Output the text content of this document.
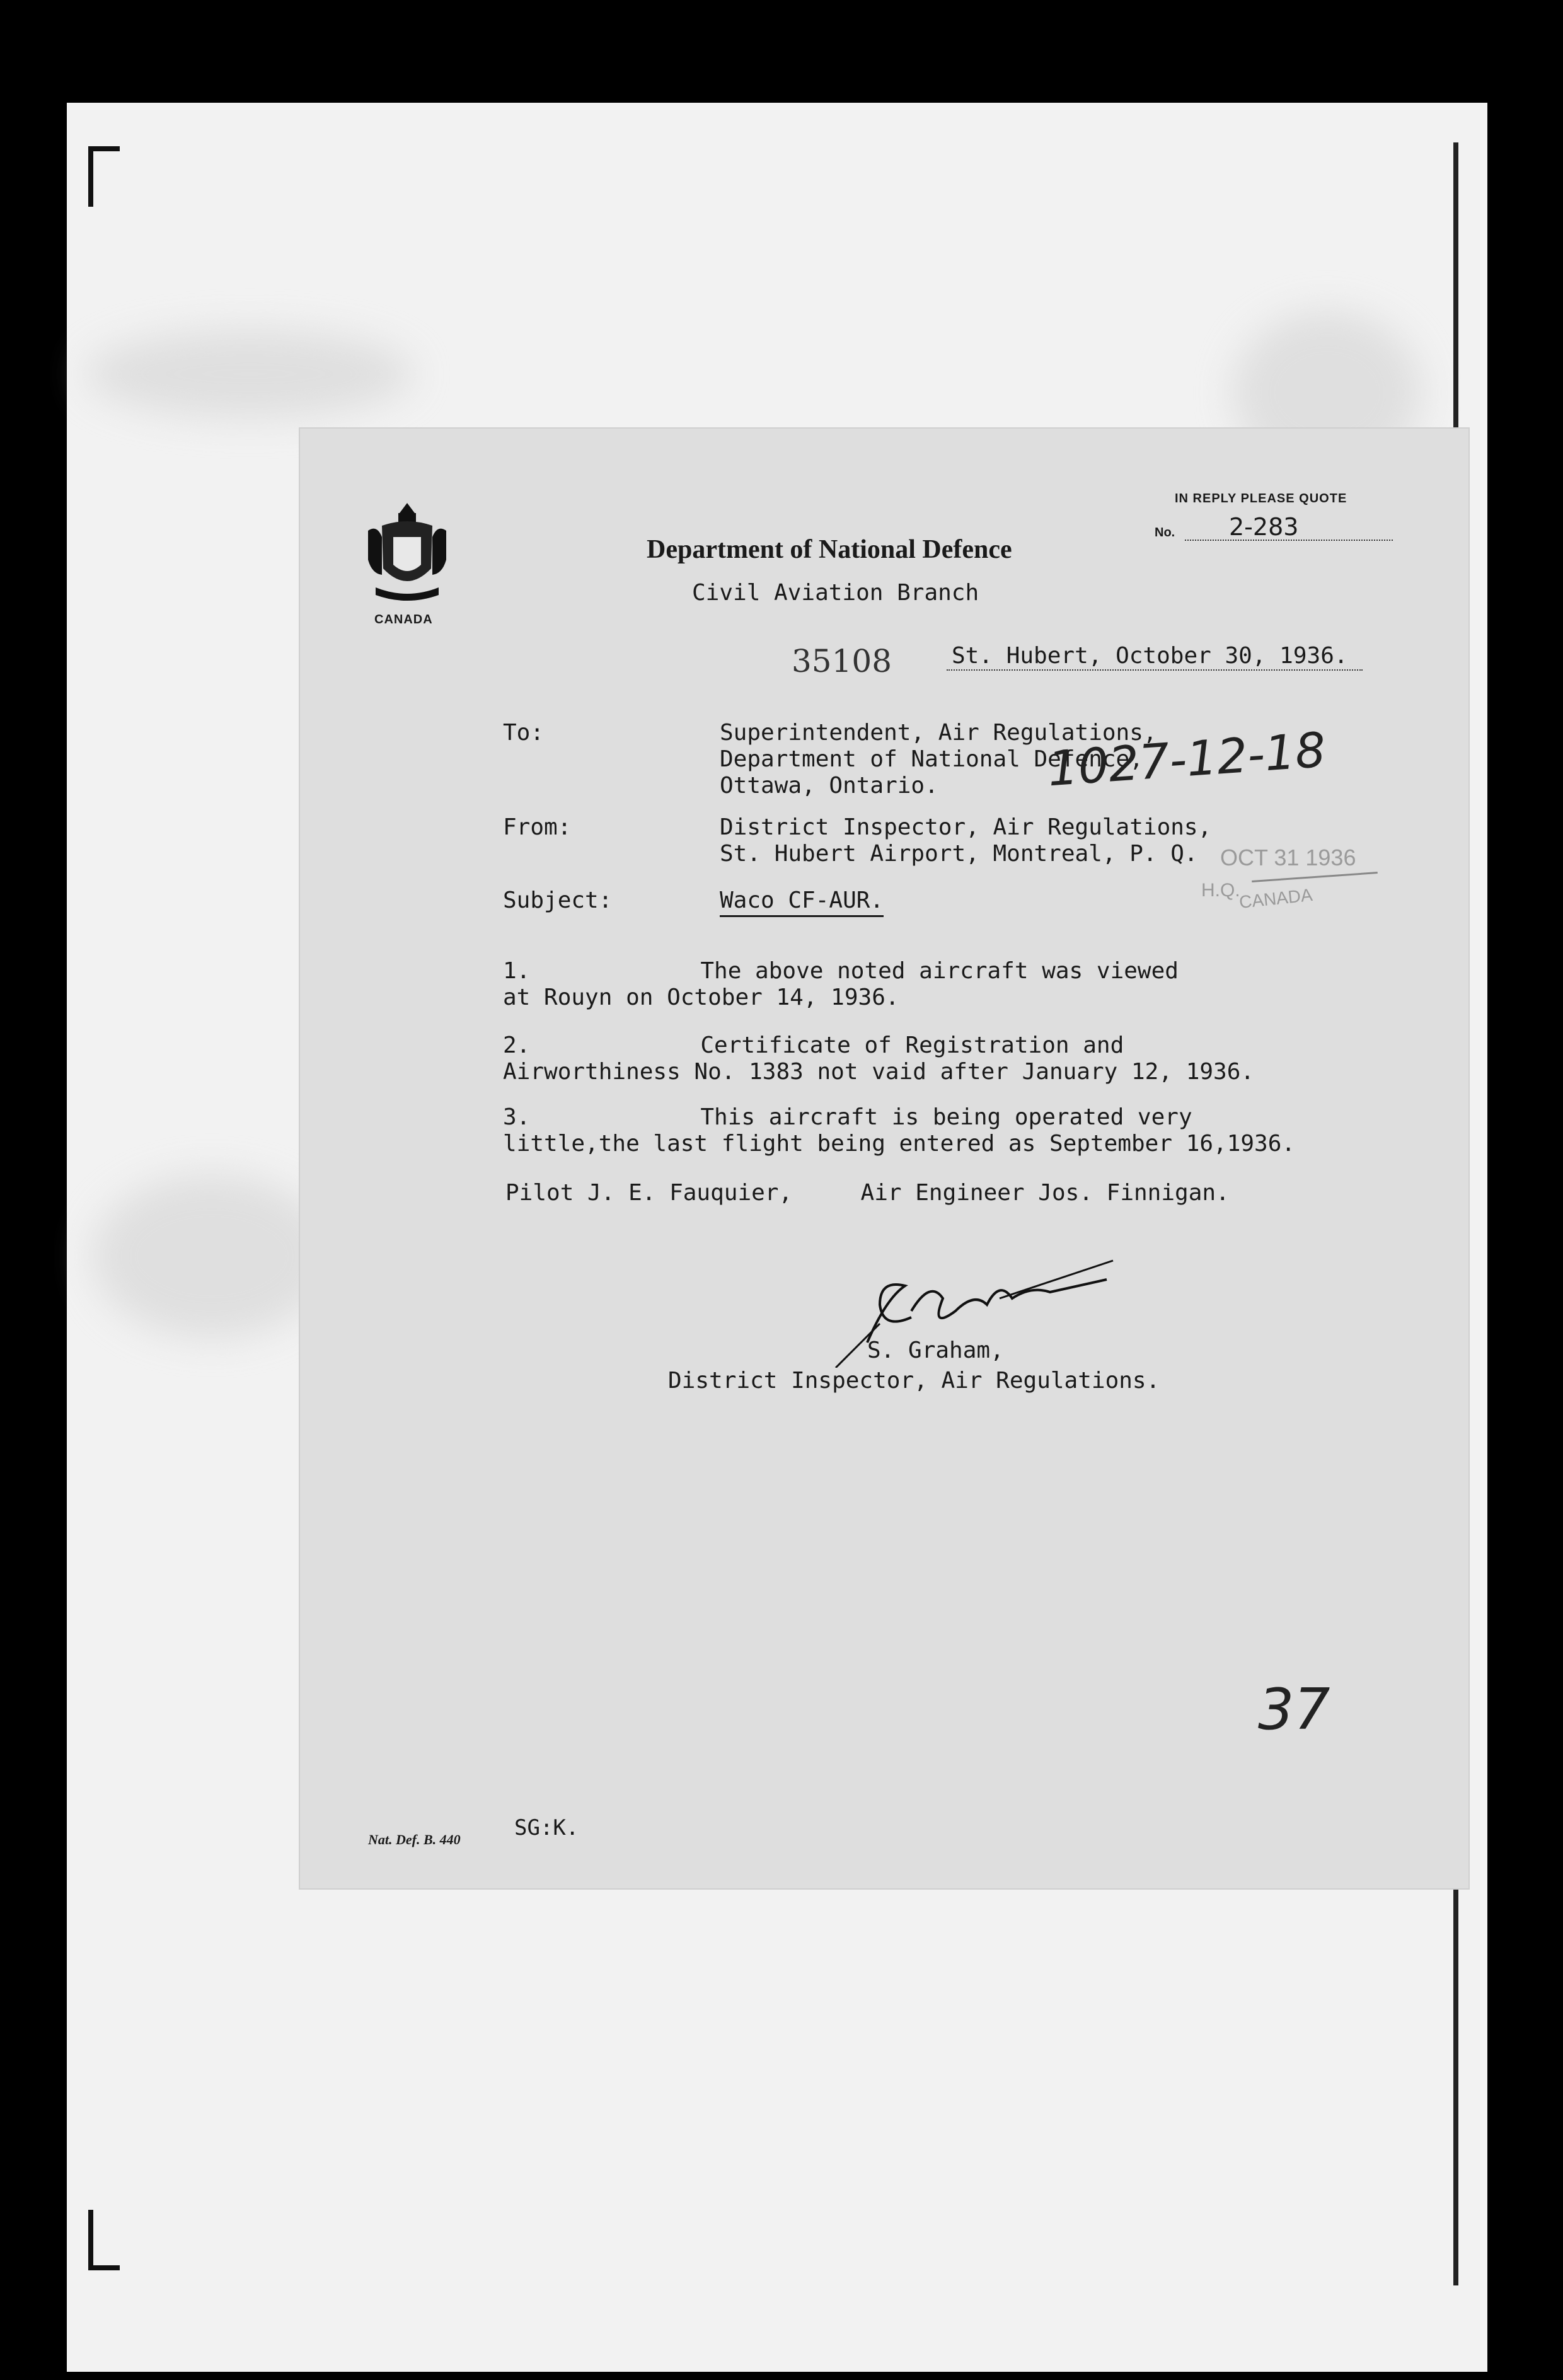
CANADA
Department of National Defence
Civil Aviation Branch
IN REPLY PLEASE QUOTE
No. 2-283
35108	St. Hubert, October 30, 1936.
To:	Superintendent, Air Regulations,
Department of National Defence,
Ottawa, Ontario.
From:	District Inspector, Air Regulations,
St. Hubert Airport, Montreal, P. Q.
Subject:	Waco CF-AUR.
1.	The above noted aircraft was viewed
at Rouyn on October 14, 1936.
2.	Certificate of Registration and
Airworthiness No. 1383 not vaid after January 12, 1936.
3.	This aircraft is being operated very
little,the last flight being entered as September 16,1936.
Pilot J. E. Fauquier,     Air Engineer Jos. Finnigan.
S. Graham,
District Inspector, Air Regulations.
1027-12-18
OCT 31 1936
H.Q.
CANADA
37
SG:K.
Nat. Def. B. 440
